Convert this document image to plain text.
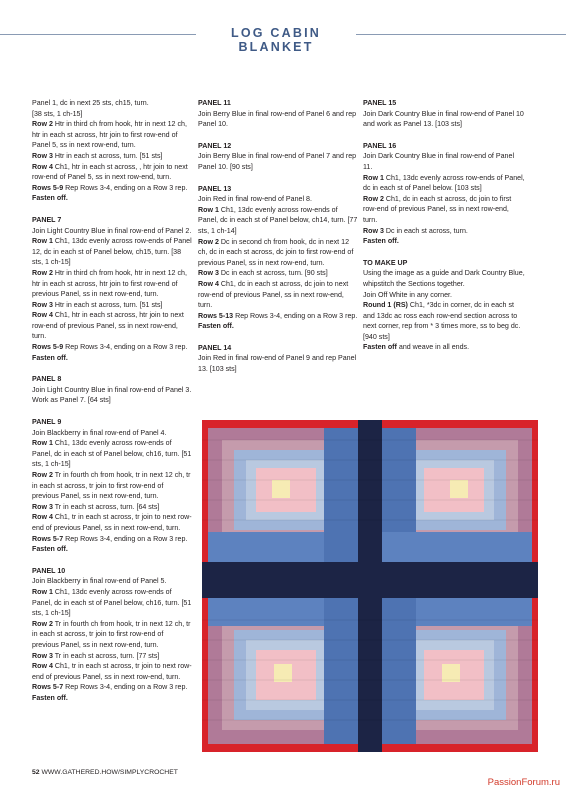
LOG CABIN BLANKET

Panel 1, dc in next 25 sts, ch15, turn.

[38 sts, 1 ch-15]

Row 2 Htr in third ch from hook, htr in next 12 ch, htr in each st across, htr join to first row-end of Panel 5, ss in next row-end, turn.

Row 3 Htr in each st across, turn. [51 sts]

Row 4 Ch1, htr in each st across, , htr join to next row-end of Panel 5, ss in next row-end, turn.

Rows 5-9 Rep Rows 3-4, ending on a Row 3 rep.

Fasten off.

PANEL 7

Join Light Country Blue in final row-end of Panel 2.

Row 1 Ch1, 13dc evenly across row-ends of Panel 12, dc in each st of Panel below, ch15, turn. [38 sts, 1 ch-15]

Row 2 Htr in third ch from hook, htr in next 12 ch, htr in each st across, htr join to first row-end of previous Panel, ss in next row-end, turn.

Row 3 Htr in each st across, turn. [51 sts]

Row 4 Ch1, htr in each st across, htr join to next row-end of previous Panel, ss in next row-end, turn.

Rows 5-9 Rep Rows 3-4, ending on a Row 3 rep.

Fasten off.

PANEL 8

Join Light Country Blue in final row-end of Panel 3.

Work as Panel 7. [64 sts]

PANEL 9

Join Blackberry in final row-end of Panel 4.

Row 1 Ch1, 13dc evenly across row-ends of Panel, dc in each st of Panel below, ch16, turn. [51 sts, 1 ch-15]

Row 2 Tr in fourth ch from hook, tr in next 12 ch, tr in each st across, tr join to first row-end of previous Panel, ss in next row-end, turn.

Row 3 Tr in each st across, turn. [64 sts]

Row 4 Ch1, tr in each st across, tr join to next row-end of previous Panel, ss in next row-end, turn.

Rows 5-7 Rep Rows 3-4, ending on a Row 3 rep.

Fasten off.

PANEL 10

Join Blackberry in final row-end of Panel 5.

Row 1 Ch1, 13dc evenly across row-ends of Panel, dc in each st of Panel below, ch16, turn. [51 sts, 1 ch-15]

Row 2 Tr in fourth ch from hook, tr in next 12 ch, tr in each st across, tr join to first row-end of previous Panel, ss in next row-end, turn.

Row 3 Tr in each st across, turn. [77 sts]

Row 4 Ch1, tr in each st across, tr join to next row-end of previous Panel, ss in next row-end, turn.

Rows 5-7 Rep Rows 3-4, ending on a Row 3 rep.

Fasten off.

PANEL 11

Join Berry Blue in final row-end of Panel 6 and rep Panel 10.

PANEL 12

Join Berry Blue in final row-end of Panel 7 and rep Panel 10. [90 sts]

PANEL 13

Join Red in final row-end of Panel 8.

Row 1 Ch1, 13dc evenly across row-ends of Panel, dc in each st of Panel below, ch14, turn. [77 sts, 1 ch-14]

Row 2 Dc in second ch from hook, dc in next 12 ch, dc in each st across, dc join to first row-end of previous Panel, ss in next row-end, turn.

Row 3 Dc in each st across, turn. [90 sts]

Row 4 Ch1, dc in each st across, dc join to next row-end of previous Panel, ss in next row-end, turn.

Rows 5-13 Rep Rows 3-4, ending on a Row 3 rep.

Fasten off.

PANEL 14

Join Red in final row-end of Panel 9 and rep Panel 13. [103 sts]

PANEL 15

Join Dark Country Blue in final row-end of Panel 10 and work as Panel 13. [103 sts]

PANEL 16

Join Dark Country Blue in final row-end of Panel 11.

Row 1 Ch1, 13dc evenly across row-ends of Panel, dc in each st of Panel below. [103 sts]

Row 2 Ch1, dc in each st across, dc join to first row-end of previous Panel, ss in next row-end, turn.

Row 3 Dc in each st across, turn.

Fasten off.

TO MAKE UP

Using the image as a guide and Dark Country Blue, whipstitch the Sections together.

Join Off White in any corner.

Round 1 (RS) Ch1, *3dc in corner, dc in each st and 13dc ac ross each row-end section across to next corner, rep from * 3 times more, ss to beg dc. [940 sts]

Fasten off and weave in all ends.

52 WWW.GATHERED.HOW/SIMPLYCROCHET
PassionForum.ru
